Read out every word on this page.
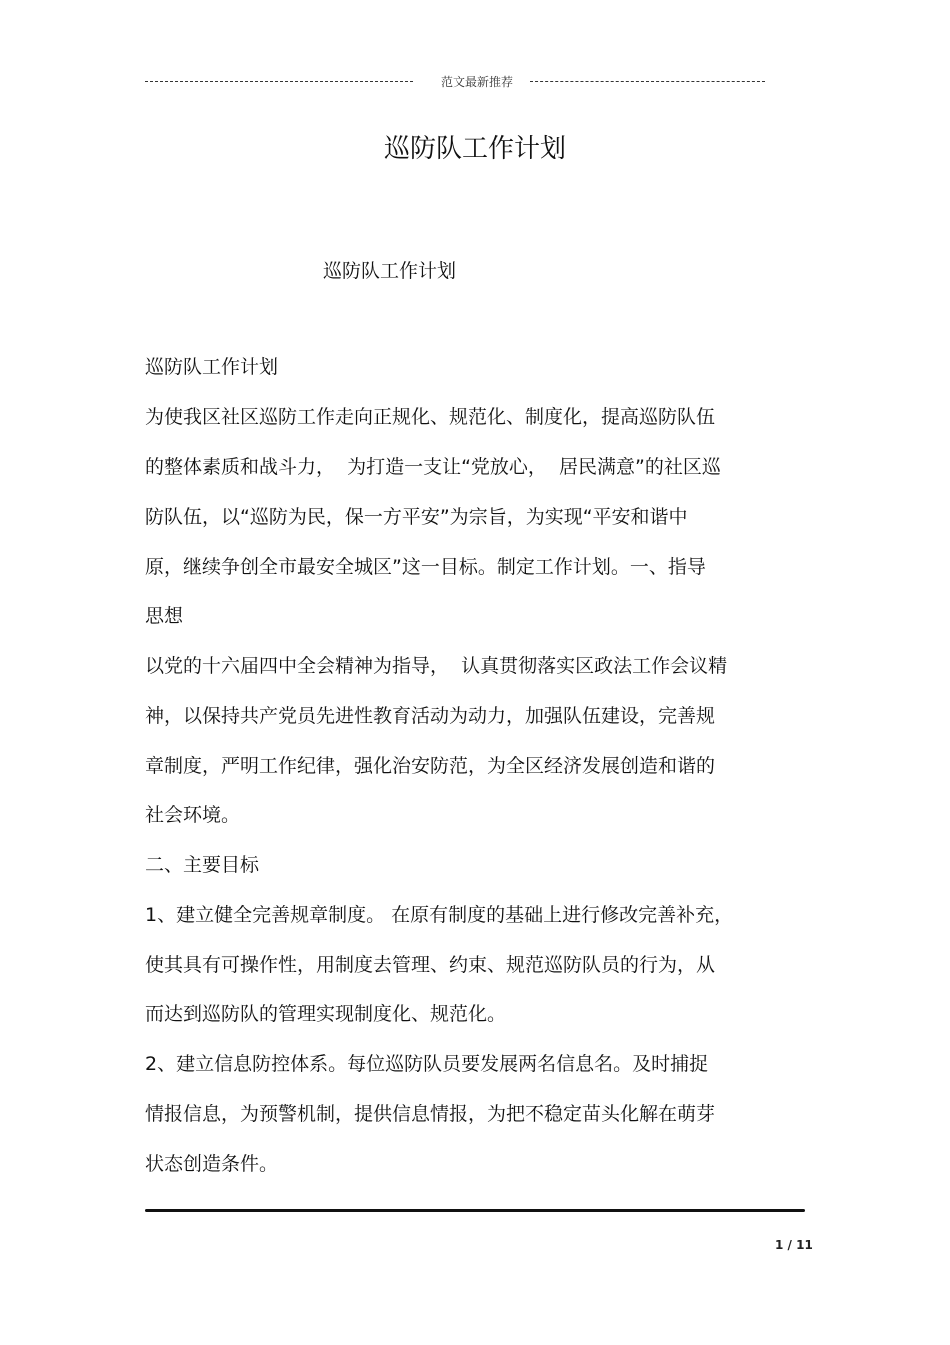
范文最新推荐
巡防队工作计划
巡防队工作计划

巡防队工作计划

为使我区社区巡防工作走向正规化、规范化、制度化，提高巡防队伍

的整体素质和战斗力，  为打造一支让“党放心，  居民满意”的社区巡

防队伍，以“巡防为民，保一方平安”为宗旨，为实现“平安和谐中

原，继续争创全市最安全城区”这一目标。制定工作计划。一、指导

思想

以党的十六届四中全会精神为指导，  认真贯彻落实区政法工作会议精

神，以保持共产党员先进性教育活动为动力，加强队伍建设，完善规

章制度，严明工作纪律，强化治安防范，为全区经济发展创造和谐的

社会环境。

二、主要目标

1、建立健全完善规章制度。 在原有制度的基础上进行修改完善补充，

使其具有可操作性，用制度去管理、约束、规范巡防队员的行为，从

而达到巡防队的管理实现制度化、规范化。

2、建立信息防控体系。每位巡防队员要发展两名信息名。及时捕捉

情报信息，为预警机制，提供信息情报，为把不稳定苗头化解在萌芽

状态创造条件。

1 / 11
